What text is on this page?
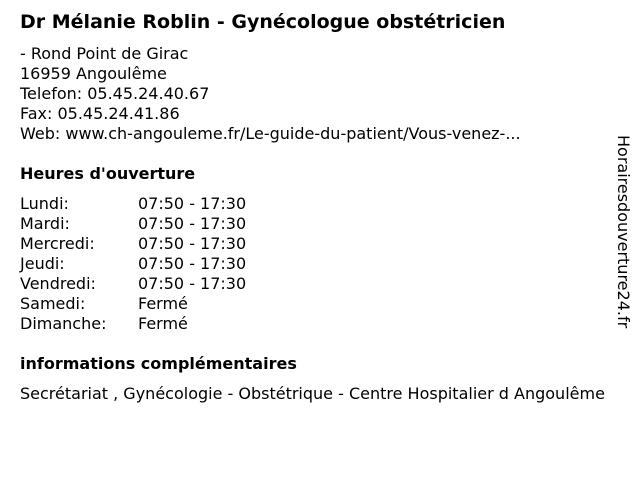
Dr Mélanie Roblin - Gynécologue obstétricien
- Rond Point de Girac
16959 Angoulême
Telefon: 05.45.24.40.67
Fax: 05.45.24.41.86
Web: www.ch-angouleme.fr/Le-guide-du-patient/Vous-venez-...
Heures d'ouverture
Lundi:	07:50 - 17:30
Mardi:	07:50 - 17:30
Mercredi:	07:50 - 17:30
Jeudi:	07:50 - 17:30
Vendredi:	07:50 - 17:30
Samedi:	Fermé
Dimanche:	Fermé
informations complémentaires
Secrétariat , Gynécologie - Obstétrique - Centre Hospitalier d Angoulême
Horairesdouverture24.fr
